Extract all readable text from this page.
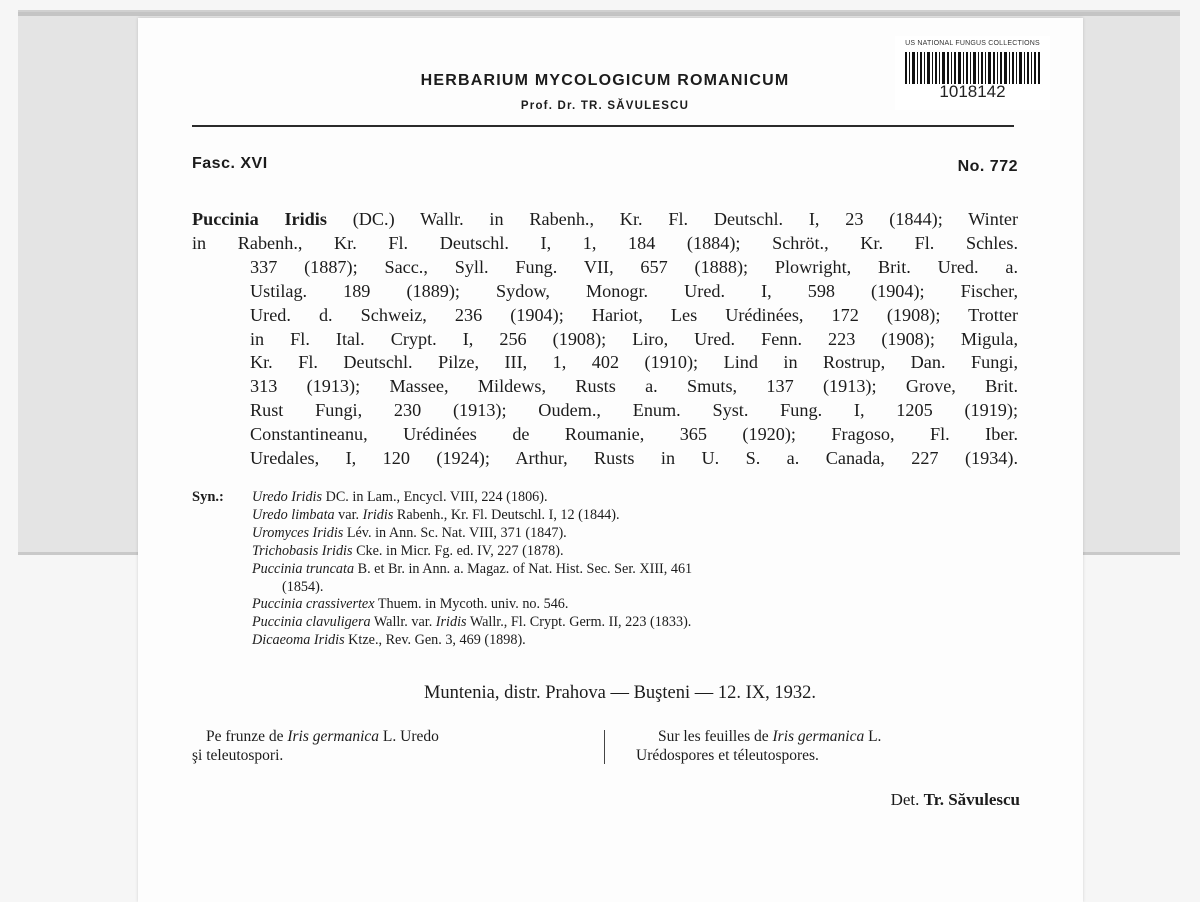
US NATIONAL FUNGUS COLLECTIONS
1018142
HERBARIUM MYCOLOGICUM ROMANICUM
Prof. Dr. TR. SĂVULESCU
Fasc. XVI	No. 772
Puccinia Iridis (DC.) Wallr. in Rabenh., Kr. Fl. Deutschl. I, 23 (1844); Winter
in Rabenh., Kr. Fl. Deutschl. I, 1, 184 (1884); Schröt., Kr. Fl. Schles.
337 (1887); Sacc., Syll. Fung. VII, 657 (1888); Plowright, Brit. Ured. a.
Ustilag. 189 (1889); Sydow, Monogr. Ured. I, 598 (1904); Fischer,
Ured. d. Schweiz, 236 (1904); Hariot, Les Urédinées, 172 (1908); Trotter
in Fl. Ital. Crypt. I, 256 (1908); Liro, Ured. Fenn. 223 (1908); Migula,
Kr. Fl. Deutschl. Pilze, III, 1, 402 (1910); Lind in Rostrup, Dan. Fungi,
313 (1913); Massee, Mildews, Rusts a. Smuts, 137 (1913); Grove, Brit.
Rust Fungi, 230 (1913); Oudem., Enum. Syst. Fung. I, 1205 (1919);
Constantineanu, Urédinées de Roumanie, 365 (1920); Fragoso, Fl. Iber.
Uredales, I, 120 (1924); Arthur, Rusts in U. S. a. Canada, 227 (1934).
Syn.: Uredo Iridis DC. in Lam., Encycl. VIII, 224 (1806).
Uredo limbata var. Iridis Rabenh., Kr. Fl. Deutschl. I, 12 (1844).
Uromyces Iridis Lév. in Ann. Sc. Nat. VIII, 371 (1847).
Trichobasis Iridis Cke. in Micr. Fg. ed. IV, 227 (1878).
Puccinia truncata B. et Br. in Ann. a. Magaz. of Nat. Hist. Sec. Ser. XIII, 461
(1854).
Puccinia crassivertex Thuem. in Mycoth. univ. no. 546.
Puccinia clavuligera Wallr. var. Iridis Wallr., Fl. Crypt. Germ. II, 223 (1833).
Dicaeoma Iridis Ktze., Rev. Gen. 3, 469 (1898).
Muntenia, distr. Prahova — Buşteni — 12. IX, 1932.
Pe frunze de Iris germanica L. Uredo
şi teleutospori.
Sur les feuilles de Iris germanica L.
Urédospores et téleutospores.
Det. Tr. Săvulescu
